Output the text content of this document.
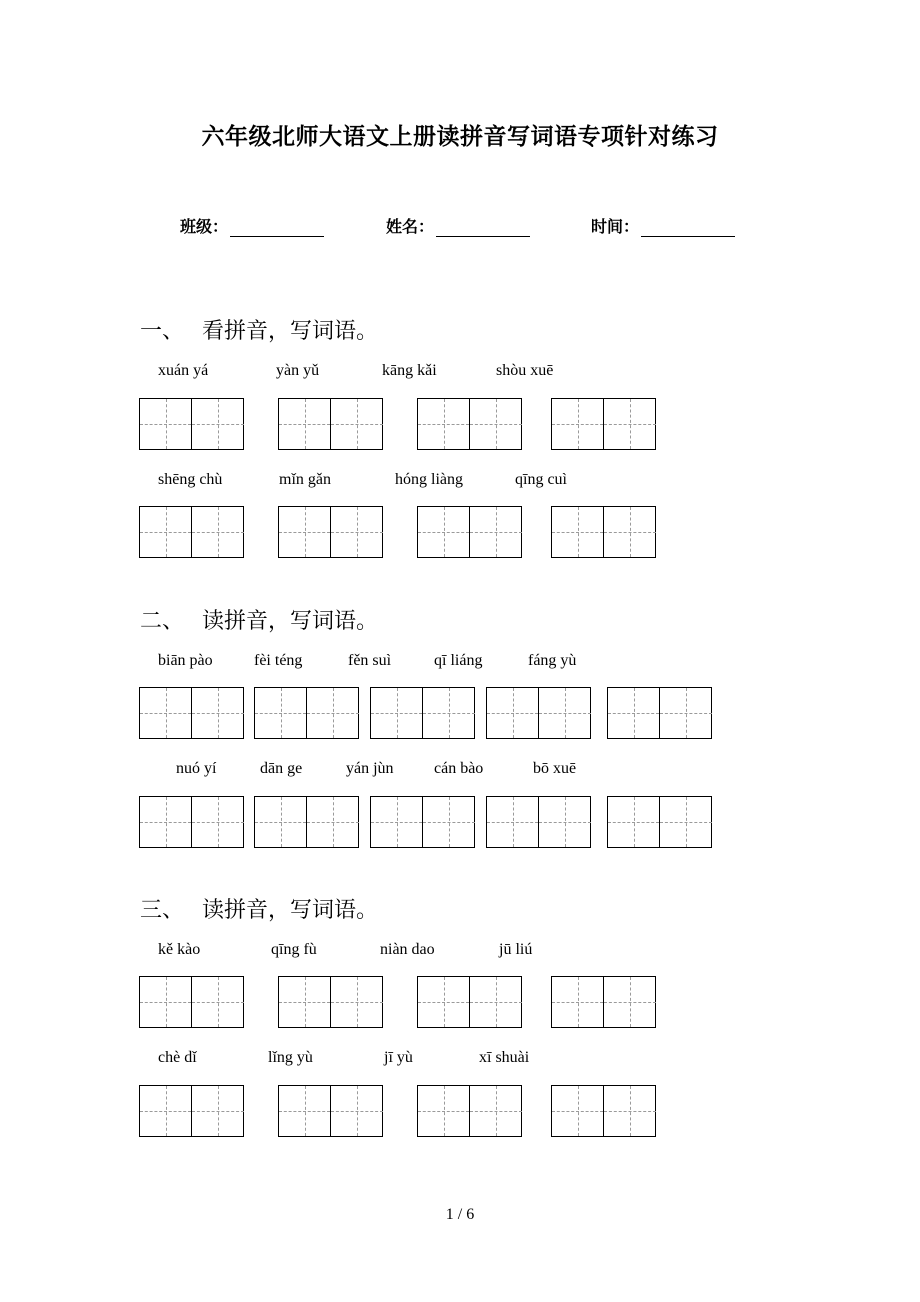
六年级北师大语文上册读拼音写词语专项针对练习
班级：	姓名：	时间：
一、 看拼音，写词语。
xuán yá	yàn yǔ	kāng kǎi	shòu xuē
shēng chù	mǐn gǎn	hóng liàng	qīng cuì
二、 读拼音，写词语。
biān pào	fèi téng	fěn suì	qī liáng	fáng yù
nuó yí	dān ge	yán jùn	cán bào	bō xuē
三、 读拼音，写词语。
kě kào	qīng fù	niàn dao	jū liú
chè dǐ	lǐng yù	jī yù	xī shuài
1 / 6
